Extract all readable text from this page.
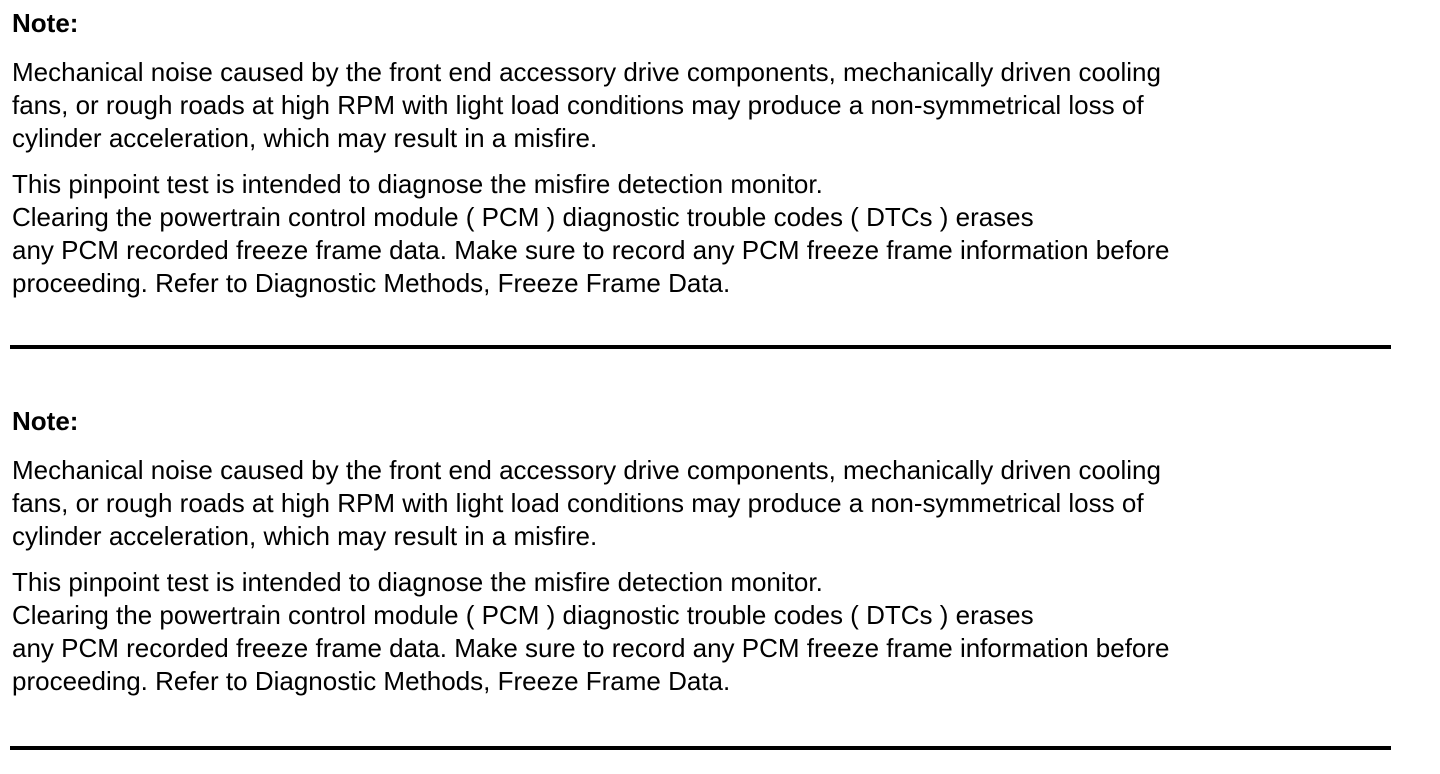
Note:

Mechanical noise caused by the front end accessory drive components, mechanically driven cooling
fans, or rough roads at high RPM with light load conditions may produce a non-symmetrical loss of
cylinder acceleration, which may result in a misfire.

This pinpoint test is intended to diagnose the misfire detection monitor.
Clearing the powertrain control module ( PCM ) diagnostic trouble codes ( DTCs ) erases
any PCM recorded freeze frame data. Make sure to record any PCM freeze frame information before
proceeding. Refer to Diagnostic Methods, Freeze Frame Data.

Note:

Mechanical noise caused by the front end accessory drive components, mechanically driven cooling
fans, or rough roads at high RPM with light load conditions may produce a non-symmetrical loss of
cylinder acceleration, which may result in a misfire.

This pinpoint test is intended to diagnose the misfire detection monitor.
Clearing the powertrain control module ( PCM ) diagnostic trouble codes ( DTCs ) erases
any PCM recorded freeze frame data. Make sure to record any PCM freeze frame information before
proceeding. Refer to Diagnostic Methods, Freeze Frame Data.
